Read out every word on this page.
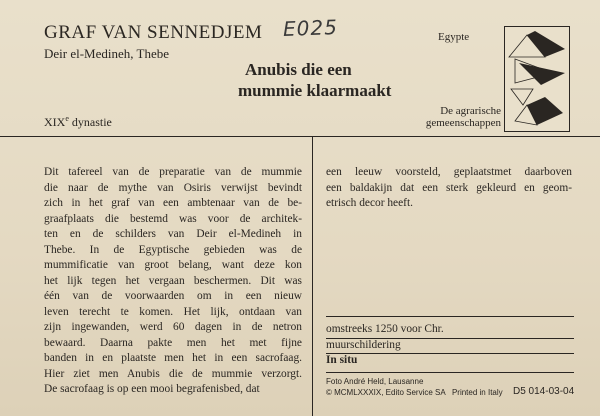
GRAF VAN SENNEDJEM
Deir el-Medineh, Thebe
E025	Egypte
Anubis die een
mummie klaarmaakt
De agrarische
gemeenschappen
XIXe dynastie
Dit tafereel van de preparatie van de mummie
die naar de mythe van Osiris verwijst bevindt
zich in het graf van een ambtenaar van de be-
graafplaats die bestemd was voor de architek-
ten en de schilders van Deir el-Medineh in
Thebe. In de Egyptische gebieden was de
mummificatie van groot belang, want deze kon
het lijk tegen het vergaan beschermen. Dit was
één van de voorwaarden om in een nieuw
leven terecht te komen. Het lijk, ontdaan van
zijn ingewanden, werd 60 dagen in de netron
bewaard. Daarna pakte men het met fijne
banden in en plaatste men het in een sacrofaag.
Hier ziet men Anubis die de mummie verzorgt.
De sacrofaag is op een mooi begrafenisbed, dat
een leeuw voorsteld, geplaatstmet daarboven
een baldakijn dat een sterk gekleurd en geom-
etrisch decor heeft.
omstreeks 1250 voor Chr.
muurschildering
In situ
Foto André Held, Lausanne
© MCMLXXXIX, Edito Service SA Printed in Italy D5 014-03-04
